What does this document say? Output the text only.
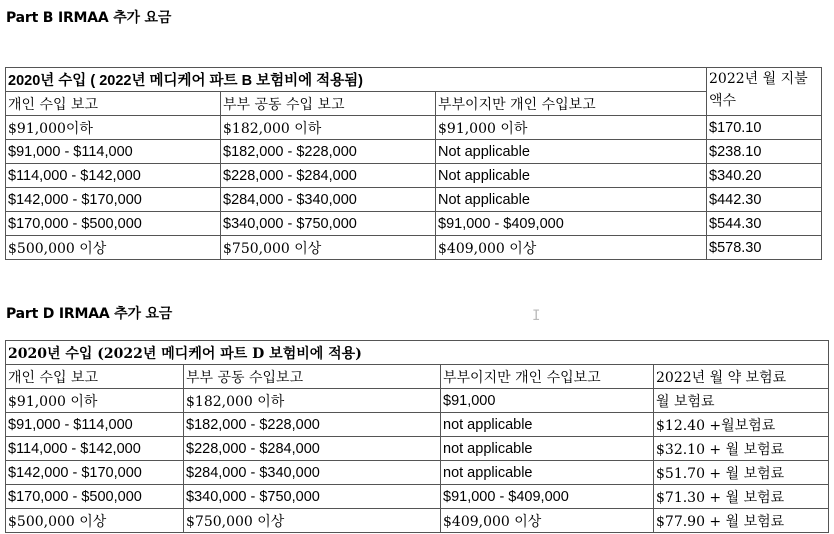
Part B IRMAA 추가 요금
2020년 수입 ( 2022년 메디케어 파트 B 보험비에 적용됨)			2022년 월 지불 액수
개인 수입 보고	부부 공동 수입 보고	부부이지만 개인 수입보고	
$91,000이하	$182,000 이하	$91,000 이하	$170.10
$91,000 - $114,000	$182,000 - $228,000	Not applicable	$238.10
$114,000 - $142,000	$228,000 - $284,000	Not applicable	$340.20
$142,000 - $170,000	$284,000 - $340,000	Not applicable	$442.30
$170,000 - $500,000	$340,000 - $750,000	$91,000 - $409,000	$544.30
$500,000 이상	$750,000 이상	$409,000 이상	$578.30
I
Part D IRMAA 추가 요금
2020년 수입 (2022년 메디케어 파트 D 보험비에 적용)			
개인 수입 보고	부부 공동 수입보고	부부이지만 개인 수입보고	2022년 월 약 보험료
$91,000 이하	$182,000 이하	$91,000	월 보험료
$91,000 - $114,000	$182,000 - $228,000	not applicable	$12.40 +월보험료
$114,000 - $142,000	$228,000 - $284,000	not applicable	$32.10 + 월 보험료
$142,000 - $170,000	$284,000 - $340,000	not applicable	$51.70 + 월 보험료
$170,000 - $500,000	$340,000 - $750,000	$91,000 - $409,000	$71.30 + 월 보험료
$500,000 이상	$750,000 이상	$409,000 이상	$77.90 + 월 보험료
